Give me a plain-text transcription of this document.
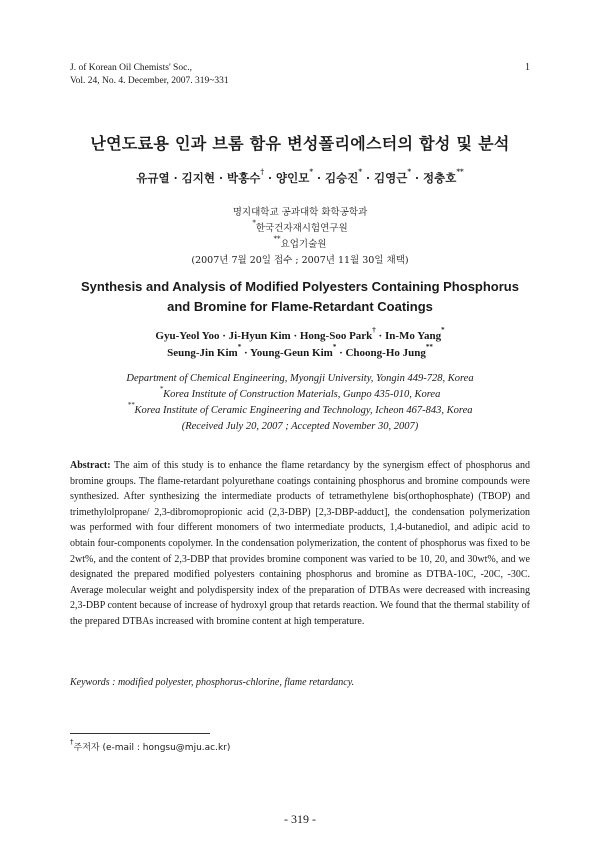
J. of Korean Oil Chemists' Soc.,
Vol. 24, No. 4. December, 2007. 319~331
1
난연도료용 인과 브롬 함유 변성폴리에스터의 합성 및 분석
유규열 · 김지현 · 박홍수† · 양인모* · 김승진* · 김영근* · 정충호**
명지대학교 공과대학 화학공학과
*한국건자재시험연구원
**요업기술원
(2007년 7월 20일 접수 ; 2007년 11월 30일 채택)
Synthesis and Analysis of Modified Polyesters Containing Phosphorus
and Bromine for Flame-Retardant Coatings
Gyu-Yeol Yoo · Ji-Hyun Kim · Hong-Soo Park† · In-Mo Yang*
Seung-Jin Kim* · Young-Geun Kim* · Choong-Ho Jung**
Department of Chemical Engineering, Myongji University, Yongin 449-728, Korea
*Korea Institute of Construction Materials, Gunpo 435-010, Korea
**Korea Institute of Ceramic Engineering and Technology, Icheon 467-843, Korea
(Received July 20, 2007 ; Accepted November 30, 2007)
Abstract: The aim of this study is to enhance the flame retardancy by the synergism effect of phosphorus and bromine groups. The flame-retardant polyurethane coatings containing phosphorus and bromine compounds were synthesized. After synthesizing the intermediate products of tetramethylene bis(orthophosphate) (TBOP) and trimethylolpropane/ 2,3-dibromopropionic acid (2,3-DBP) [2,3-DBP-adduct], the condensation polymerization was performed with four different monomers of two intermediate products, 1,4-butanediol, and adipic acid to obtain four-components copolymer. In the condensation polymerization, the content of phosphorus was fixed to be 2wt%, and the content of 2,3-DBP that provides bromine component was varied to be 10, 20, and 30wt%, and we designated the prepared modified polyesters containing phosphorus and bromine as DTBA-10C, -20C, -30C. Average molecular weight and polydispersity index of the preparation of DTBAs were decreased with increasing 2,3-DBP content because of increase of hydroxyl group that retards reaction. We found that the thermal stability of the prepared DTBAs increased with bromine content at high temperature.
Keywords : modified polyester, phosphorus-chlorine, flame retardancy.
†주저자 (e-mail : hongsu@mju.ac.kr)
- 319 -
